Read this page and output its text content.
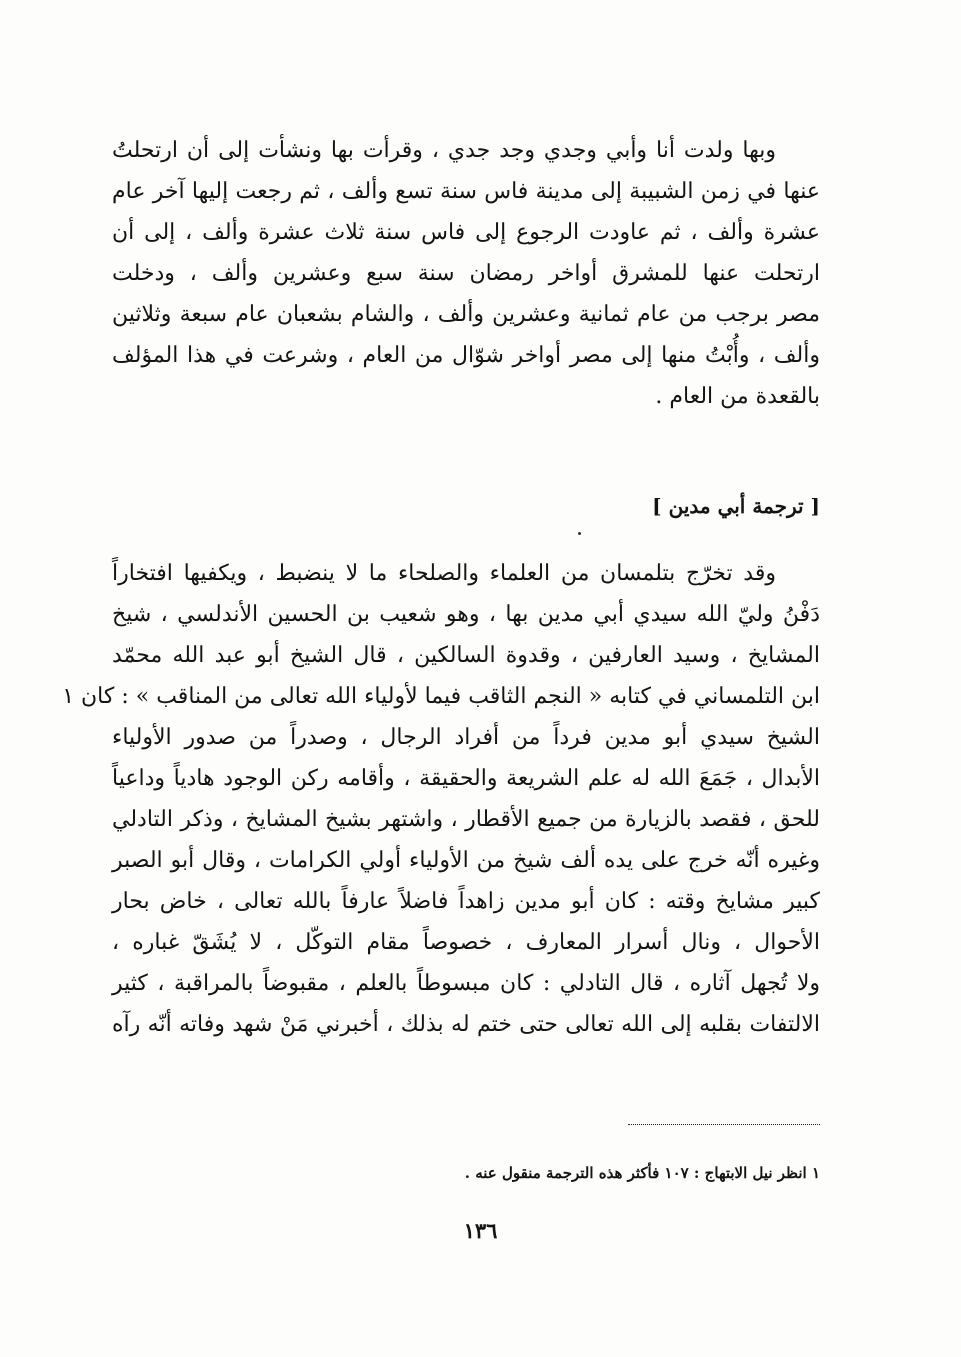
وبها ولدت أنا وأبي وجدي وجد جدي ، وقرأت بها ونشأت إلى أن ارتحلتُ
عنها في زمن الشبيبة إلى مدينة فاس سنة تسع وألف ، ثم رجعت إليها آخر عام
عشرة وألف ، ثم عاودت الرجوع إلى فاس سنة ثلاث عشرة وألف ، إلى أن
ارتحلت عنها للمشرق أواخر رمضان سنة سبع وعشرين وألف ، ودخلت
مصر برجب من عام ثمانية وعشرين وألف ، والشام بشعبان عام سبعة وثلاثين
وألف ، وأُبْتُ منها إلى مصر أواخر شوّال من العام ، وشرعت في هذا المؤلف
بالقعدة من العام .
[ ترجمة أبي مدين ]
وقد تخرّج بتلمسان من العلماء والصلحاء ما لا ينضبط ، ويكفيها افتخاراً
دَفْنُ وليّ الله سيدي أبي مدين بها ، وهو شعيب بن الحسين الأندلسي ، شيخ
المشايخ ، وسيد العارفين ، وقدوة السالكين ، قال الشيخ أبو عبد الله محمّد
ابن التلمساني في كتابه « النجم الثاقب فيما لأولياء الله تعالى من المناقب » : كان ١
الشيخ سيدي أبو مدين فرداً من أفراد الرجال ، وصدراً من صدور الأولياء
الأبدال ، جَمَعَ الله له علم الشريعة والحقيقة ، وأقامه ركن الوجود هادياً وداعياً
للحق ، فقصد بالزيارة من جميع الأقطار ، واشتهر بشيخ المشايخ ، وذكر التادلي
وغيره أنّه خرج على يده ألف شيخ من الأولياء أولي الكرامات ، وقال أبو الصبر
كبير مشايخ وقته : كان أبو مدين زاهداً فاضلاً عارفاً بالله تعالى ، خاض بحار
الأحوال ، ونال أسرار المعارف ، خصوصاً مقام التوكّل ، لا يُشَقّ غباره ،
ولا تُجهل آثاره ، قال التادلي : كان مبسوطاً بالعلم ، مقبوضاً بالمراقبة ، كثير
الالتفات بقلبه إلى الله تعالى حتى ختم له بذلك ، أخبرني مَنْ شهد وفاته أنّه رآه
١ انظر نيل الابتهاج : ١٠٧ فأكثر هذه الترجمة منقول عنه .
١٣٦
